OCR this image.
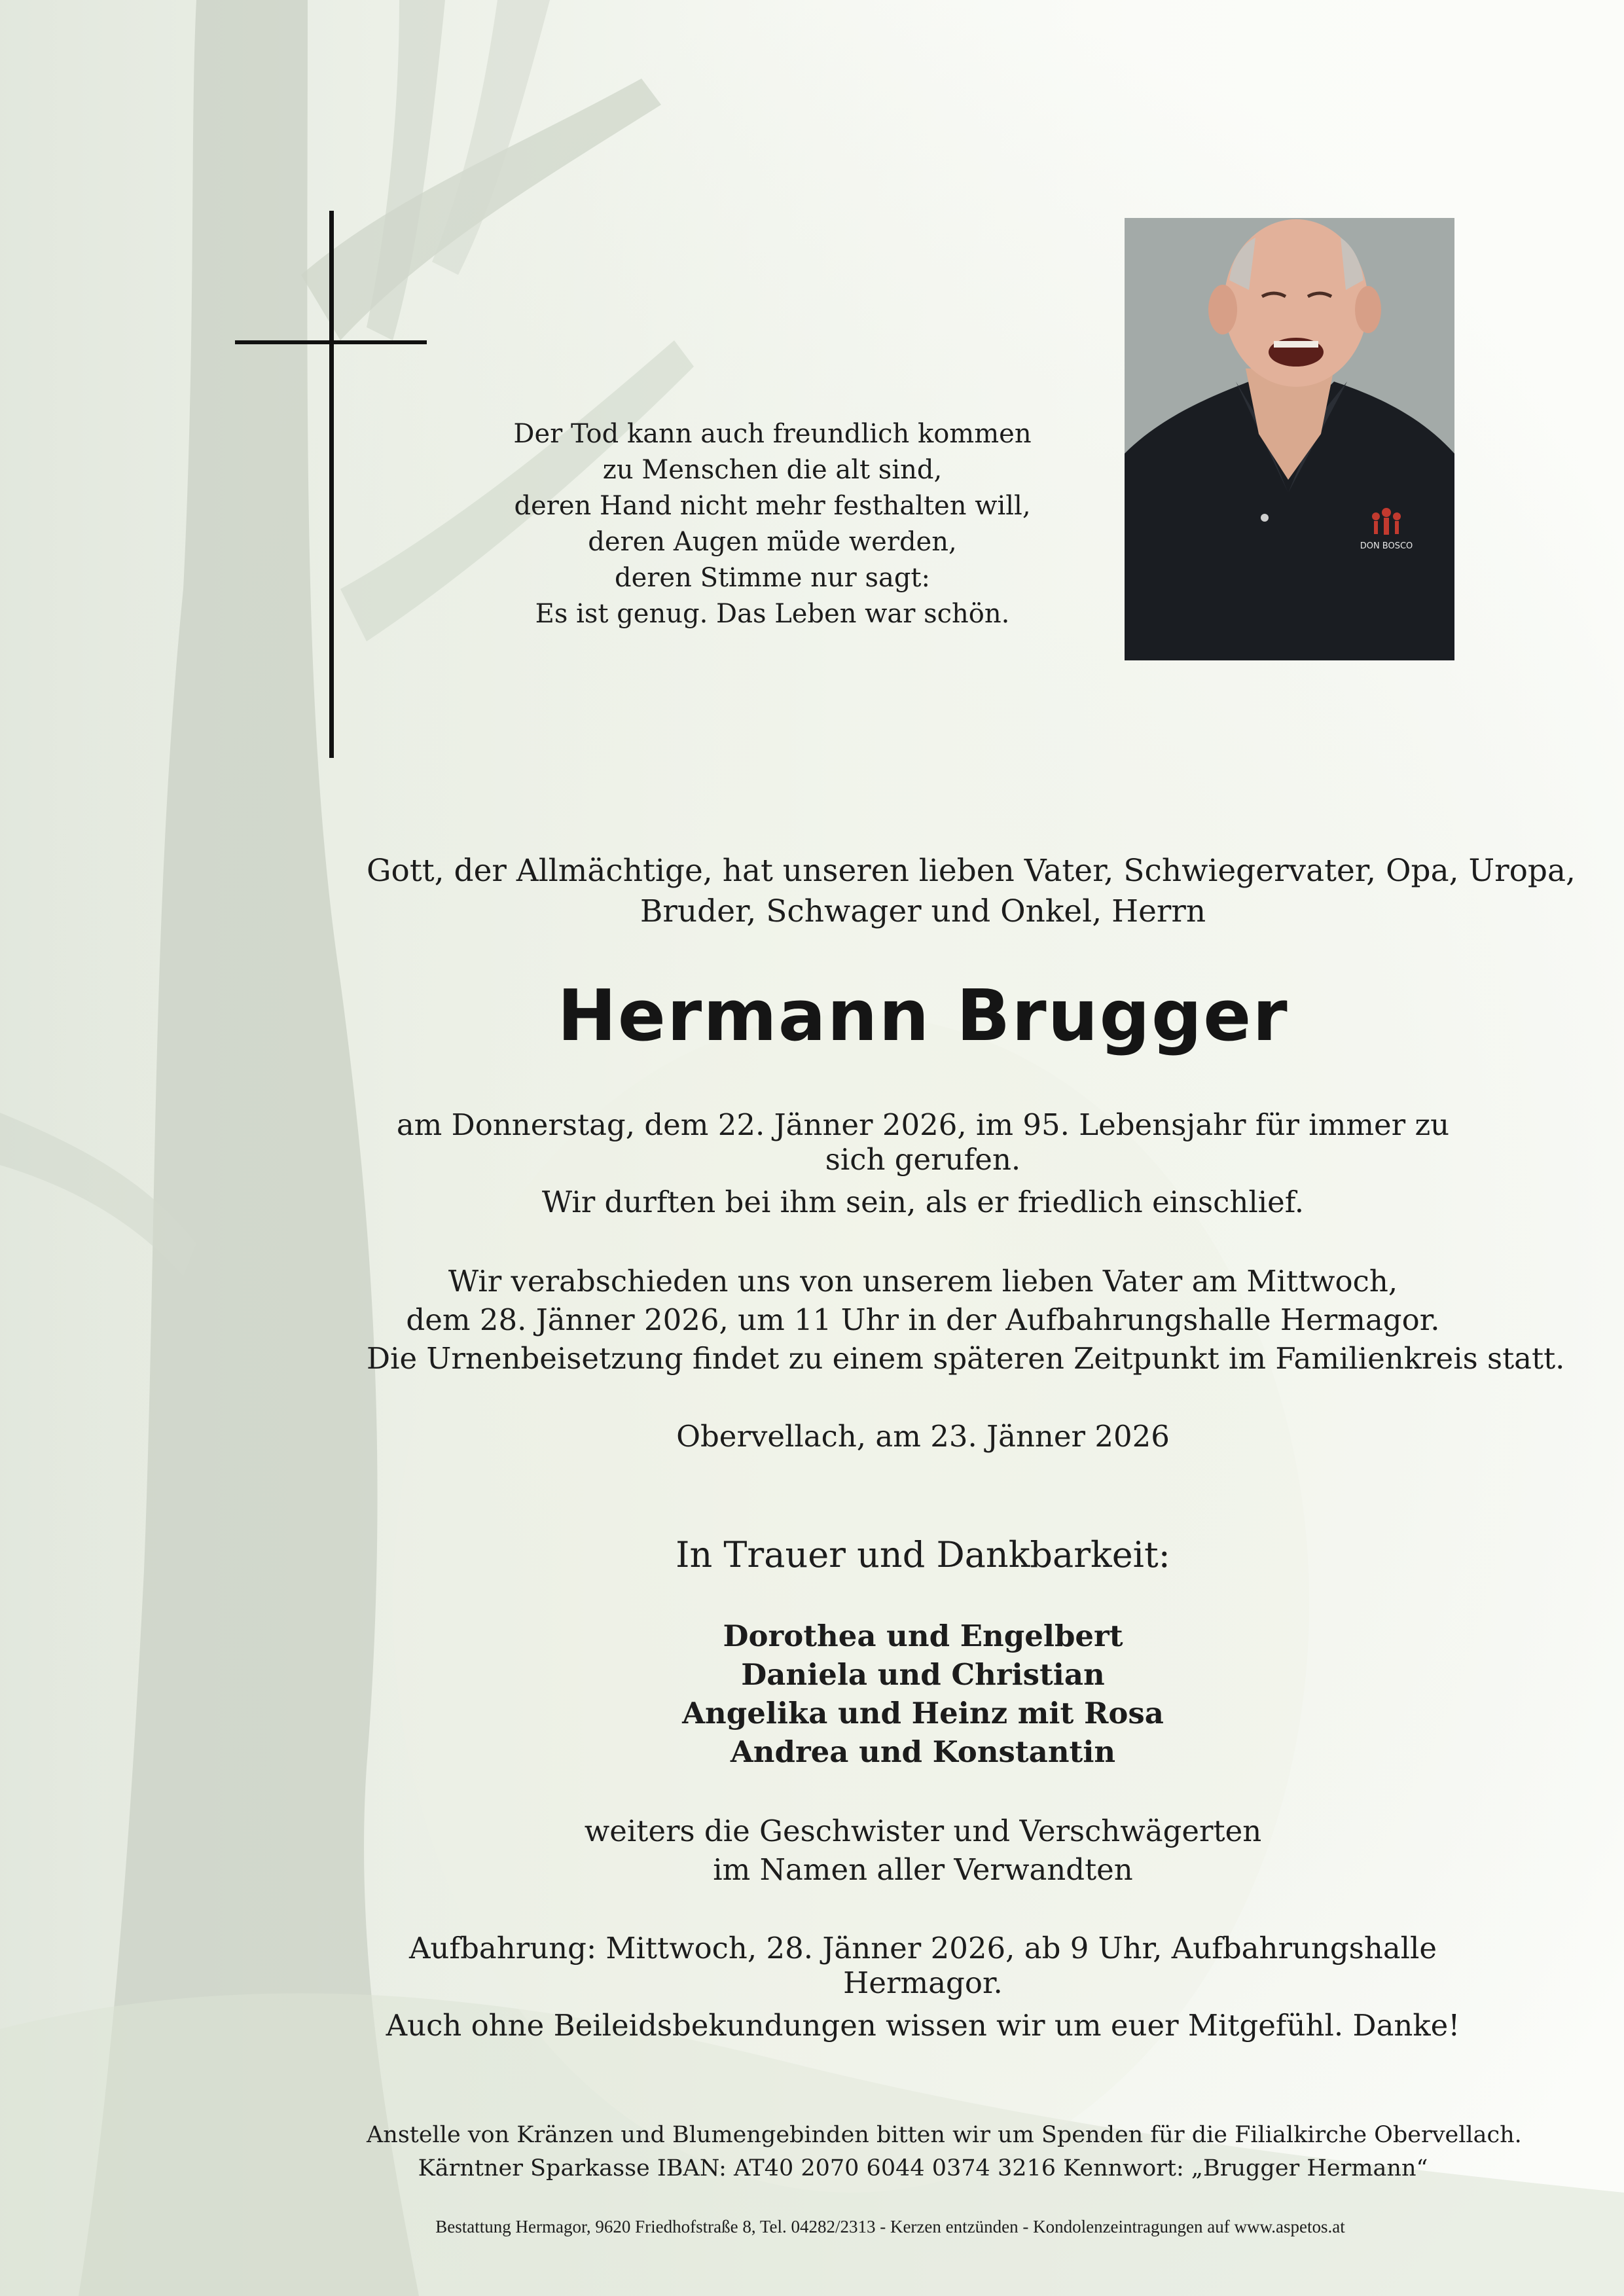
Der Tod kann auch freundlich kommen
zu Menschen die alt sind,
deren Hand nicht mehr festhalten will,
deren Augen müde werden,
deren Stimme nur sagt:
Es ist genug. Das Leben war schön.
DON BOSCO
Gott, der Allmächtige, hat unseren lieben Vater, Schwiegervater, Opa, Uropa,
Bruder, Schwager und Onkel, Herrn
Hermann Brugger
am Donnerstag, dem 22. Jänner 2026, im 95. Lebensjahr für immer zu sich gerufen.
Wir durften bei ihm sein, als er friedlich einschlief.
Wir verabschieden uns von unserem lieben Vater am Mittwoch,
dem 28. Jänner 2026, um 11 Uhr in der Aufbahrungshalle Hermagor.
Die Urnenbeisetzung findet zu einem späteren Zeitpunkt im Familienkreis statt.
Obervellach, am 23. Jänner 2026
In Trauer und Dankbarkeit:
Dorothea und Engelbert
Daniela und Christian
Angelika und Heinz mit Rosa
Andrea und Konstantin
weiters die Geschwister und Verschwägerten
im Namen aller Verwandten
Aufbahrung: Mittwoch, 28. Jänner 2026, ab 9 Uhr, Aufbahrungshalle Hermagor.
Auch ohne Beileidsbekundungen wissen wir um euer Mitgefühl. Danke!
Anstelle von Kränzen und Blumengebinden bitten wir um Spenden für die Filialkirche Obervellach.
Kärntner Sparkasse IBAN: AT40 2070 6044 0374 3216 Kennwort: „Brugger Hermann“
Bestattung Hermagor, 9620 Friedhofstraße 8, Tel. 04282/2313 - Kerzen entzünden - Kondolenzeintragungen auf www.aspetos.at
